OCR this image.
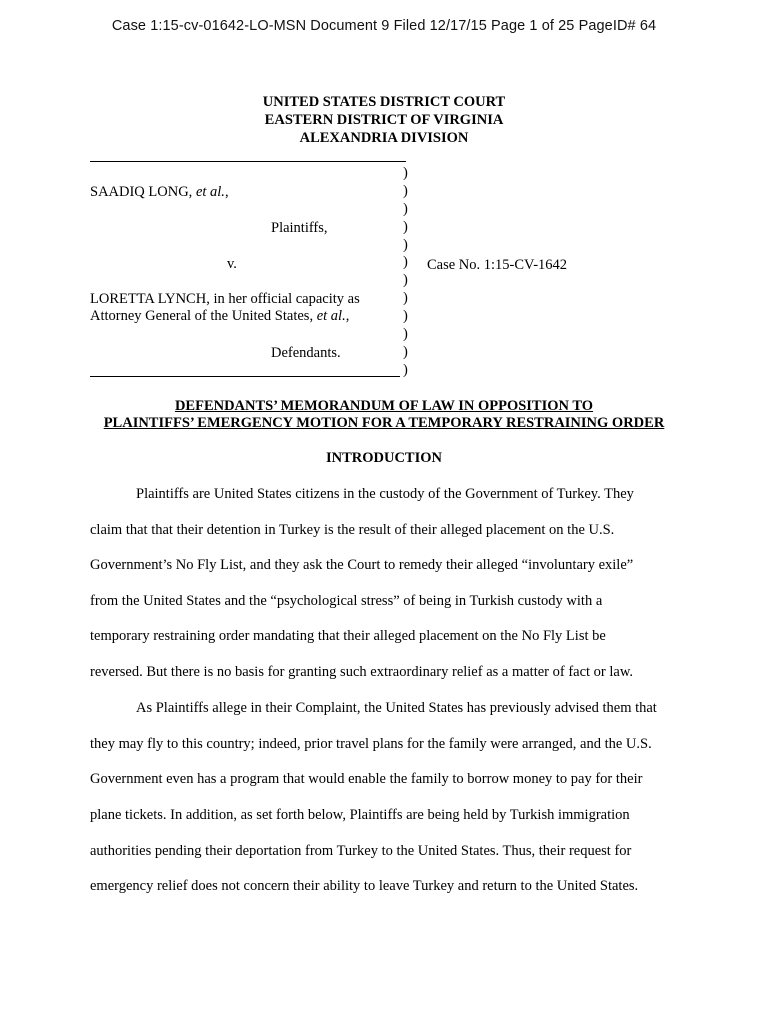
Case 1:15-cv-01642-LO-MSN Document 9 Filed 12/17/15 Page 1 of 25 PageID# 64
UNITED STATES DISTRICT COURT
EASTERN DISTRICT OF VIRGINIA
ALEXANDRIA DIVISION
SAADIQ LONG, et al.,
Plaintiffs,
v.
LORETTA LYNCH, in her official capacity as
Attorney General of the United States, et al.,
Defendants.
Case No. 1:15-CV-1642
)
)
)
)
)
)
)
)
)
)
)
)
DEFENDANTS’ MEMORANDUM OF LAW IN OPPOSITION TO
PLAINTIFFS’ EMERGENCY MOTION FOR A TEMPORARY RESTRAINING ORDER
INTRODUCTION
Plaintiffs are United States citizens in the custody of the Government of Turkey. They
claim that that their detention in Turkey is the result of their alleged placement on the U.S.
Government’s No Fly List, and they ask the Court to remedy their alleged “involuntary exile”
from the United States and the “psychological stress” of being in Turkish custody with a
temporary restraining order mandating that their alleged placement on the No Fly List be
reversed. But there is no basis for granting such extraordinary relief as a matter of fact or law.
As Plaintiffs allege in their Complaint, the United States has previously advised them that
they may fly to this country; indeed, prior travel plans for the family were arranged, and the U.S.
Government even has a program that would enable the family to borrow money to pay for their
plane tickets. In addition, as set forth below, Plaintiffs are being held by Turkish immigration
authorities pending their deportation from Turkey to the United States. Thus, their request for
emergency relief does not concern their ability to leave Turkey and return to the United States.
